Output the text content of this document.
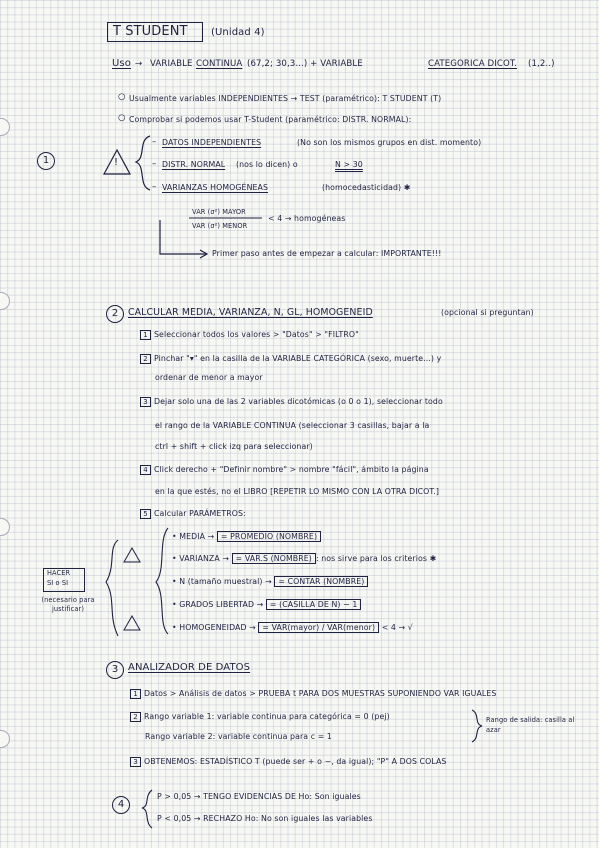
T STUDENT (Unidad 4)
Uso → VARIABLE CONTINUA (67,2; 30,3...) + VARIABLE	CATEGORICA DICOT. (1,2..)
○ Usualmente variables INDEPENDIENTES → TEST (paramétrico): T STUDENT (T)
○ Comprobar si podemos usar T-Student (paramétrico: DISTR. NORMAL):
1	!
– DATOS INDEPENDIENTES	(No son los mismos grupos en dist. momento)
– DISTR. NORMAL (nos lo dicen) o	N > 30
– VARIANZAS HOMOGÉNEAS	(homocedasticidad) ✱
VAR (σ²) MAYOR
VAR (σ²) MENOR
< 4 → homogéneas
Primer paso antes de empezar a calcular: IMPORTANTE!!!
2	CALCULAR MEDIA, VARIANZA, N, GL, HOMOGENEID	(opcional si preguntan)
1 Seleccionar todos los valores > "Datos" > "FILTRO"
2 Pinchar "▾" en la casilla de la VARIABLE CATEGÓRICA (sexo, muerte...) y
ordenar de menor a mayor
3 Dejar solo una de las 2 variables dicotómicas (o 0 o 1), seleccionar todo
el rango de la VARIABLE CONTINUA (seleccionar 3 casillas, bajar a la
ctrl + shift + click izq para seleccionar)
4 Click derecho + "Definir nombre" > nombre "fácil", ámbito la página
en la que estés, no el LIBRO [REPETIR LO MISMO CON LA OTRA DICOT.]
5 Calcular PARÁMETROS:
HACER
SI o SI
(necesario para justificar)
• MEDIA → = PROMEDIO (NOMBRE)
• VARIANZA → = VAR.S (NOMBRE) : nos sirve para los criterios ✱
• N (tamaño muestral) → = CONTAR (NOMBRE)
• GRADOS LIBERTAD → = (CASILLA DE N) − 1
• HOMOGENEIDAD → = VAR(mayor) / VAR(menor) < 4 → √
3 ANALIZADOR DE DATOS
1 Datos > Análisis de datos > PRUEBA t PARA DOS MUESTRAS SUPONIENDO VAR IGUALES
2 Rango variable 1: variable continua para categórica = 0 (pej)
Rango variable 2: variable continua para c = 1
Rango de salida: casilla al azar
3 OBTENEMOS: ESTADÍSTICO T (puede ser + o −, da igual); "P" A DOS COLAS
4
P > 0,05 → TENGO EVIDENCIAS DE Ho: Son iguales
P < 0,05 → RECHAZO Ho: No son iguales las variables
